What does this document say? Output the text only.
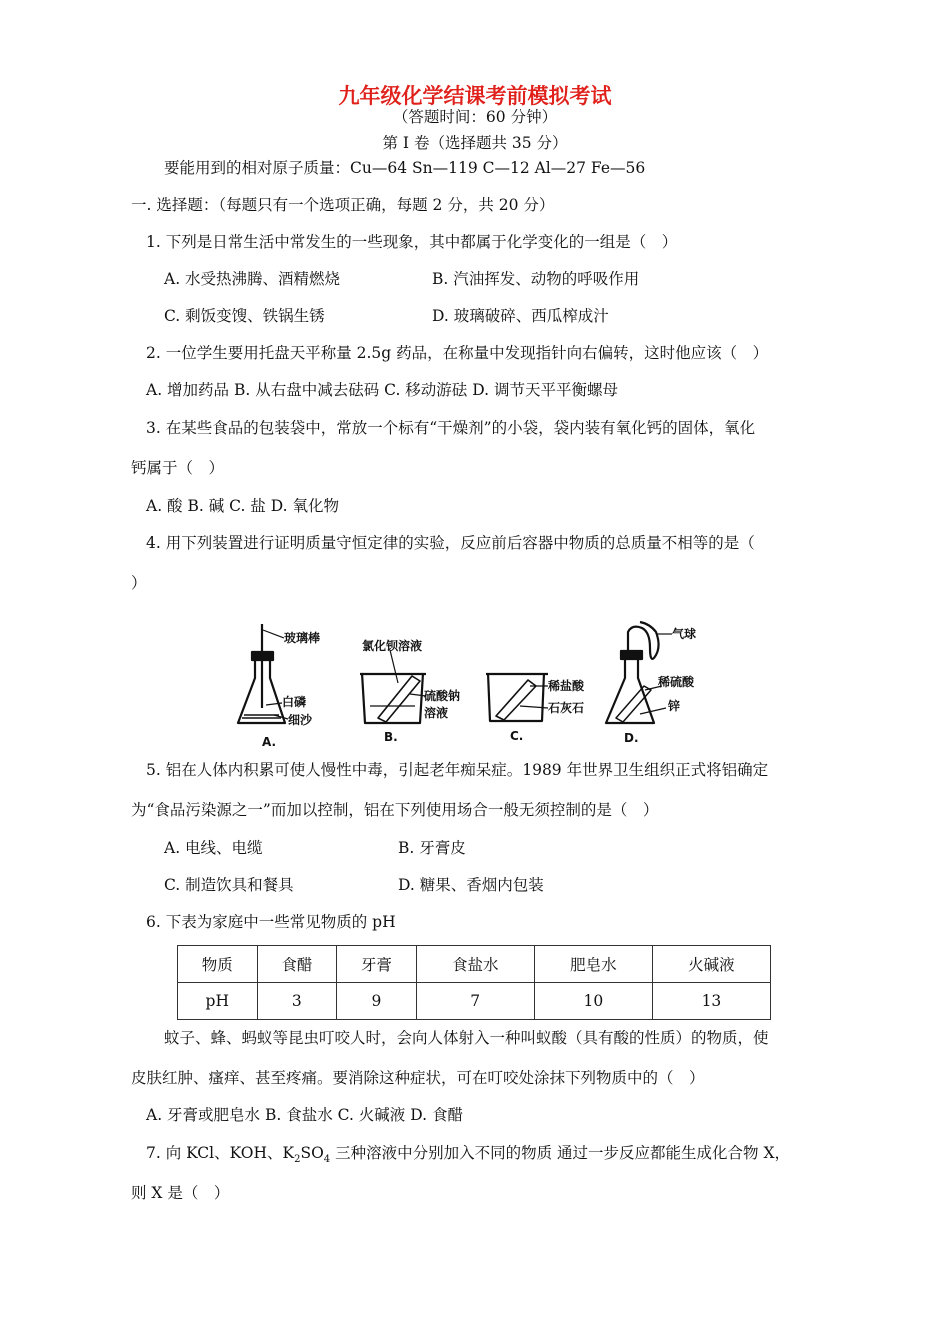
九年级化学结课考前模拟考试
（答题时间：60 分钟）
第 I 卷（选择题共 35 分）
要能用到的相对原子质量：Cu—64 Sn—119 C—12 Al—27 Fe—56
一. 选择题：（每题只有一个选项正确，每题 2 分，共 20 分）
1. 下列是日常生活中常发生的一些现象，其中都属于化学变化的一组是（　）
A. 水受热沸腾、酒精燃烧	B. 汽油挥发、动物的呼吸作用
C. 剩饭变馊、铁锅生锈	D. 玻璃破碎、西瓜榨成汁
2. 一位学生要用托盘天平称量 2.5g 药品，在称量中发现指针向右偏转，这时他应该（　）
A. 增加药品 B. 从右盘中减去砝码 C. 移动游砝 D. 调节天平平衡螺母
3. 在某些食品的包装袋中，常放一个标有“干燥剂”的小袋，袋内装有氧化钙的固体，氧化
钙属于（　）
A. 酸 B. 碱 C. 盐 D. 氧化物
4. 用下列装置进行证明质量守恒定律的实验，反应前后容器中物质的总质量不相等的是（
）
玻璃棒
白磷
细沙
氯化钡溶液
硫酸钠
溶液
稀盐酸
石灰石
气球
稀硫酸
锌
A.	B.	C.	D.
5. 铝在人体内积累可使人慢性中毒，引起老年痴呆症。1989 年世界卫生组织正式将铝确定
为“食品污染源之一”而加以控制，铝在下列使用场合一般无须控制的是（　）
A. 电线、电缆	B. 牙膏皮
C. 制造饮具和餐具	D. 糖果、香烟内包装
6. 下表为家庭中一些常见物质的 pH
物质	食醋	牙膏	食盐水	肥皂水	火碱液
pH	3	9	7	10	13
蚊子、蜂、蚂蚁等昆虫叮咬人时，会向人体射入一种叫蚁酸（具有酸的性质）的物质，使
皮肤红肿、瘙痒、甚至疼痛。要消除这种症状，可在叮咬处涂抹下列物质中的（　）
A. 牙膏或肥皂水 B. 食盐水 C. 火碱液 D. 食醋
7. 向 KCl、KOH、$K_2SO_4$ 三种溶液中分别加入不同的物质 通过一步反应都能生成化合物 X，
则 X 是（　）
